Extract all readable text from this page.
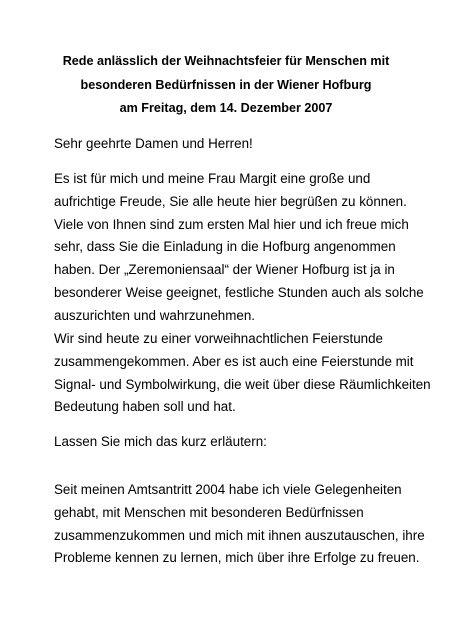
Rede anlässlich der Weihnachtsfeier für Menschen mit
besonderen Bedürfnissen in der Wiener Hofburg
am Freitag, dem 14. Dezember 2007
Sehr geehrte Damen und Herren!
Es ist für mich und meine Frau Margit eine große und
aufrichtige Freude, Sie alle heute hier begrüßen zu können.
Viele von Ihnen sind zum ersten Mal hier und ich freue mich
sehr, dass Sie die Einladung in die Hofburg angenommen
haben. Der „Zeremoniensaal“ der Wiener Hofburg ist ja in
besonderer Weise geeignet, festliche Stunden auch als solche
auszurichten und wahrzunehmen.
Wir sind heute zu einer vorweihnachtlichen Feierstunde
zusammengekommen. Aber es ist auch eine Feierstunde mit
Signal- und Symbolwirkung, die weit über diese Räumlichkeiten
Bedeutung haben soll und hat.
Lassen Sie mich das kurz erläutern:
Seit meinen Amtsantritt 2004 habe ich viele Gelegenheiten
gehabt, mit Menschen mit besonderen Bedürfnissen
zusammenzukommen und mich mit ihnen auszutauschen, ihre
Probleme kennen zu lernen, mich über ihre Erfolge zu freuen.
